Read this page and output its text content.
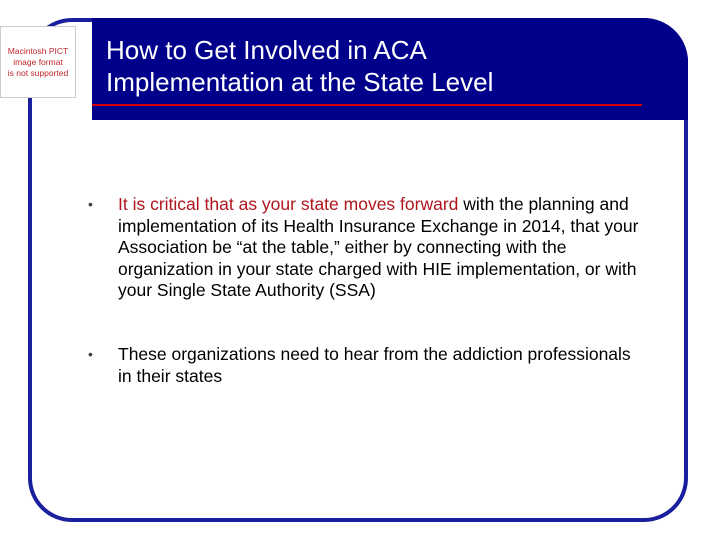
How to Get Involved in ACA
Implementation at the State Level
Macintosh PICT
image format
is not supported
•	It is critical that as your state moves forward with the planning and implementation of its Health Insurance Exchange in 2014, that your Association be “at the table,” either by connecting with the organization in your state charged with HIE implementation, or with your Single State Authority (SSA)
•	These organizations need to hear from the addiction professionals in their states
